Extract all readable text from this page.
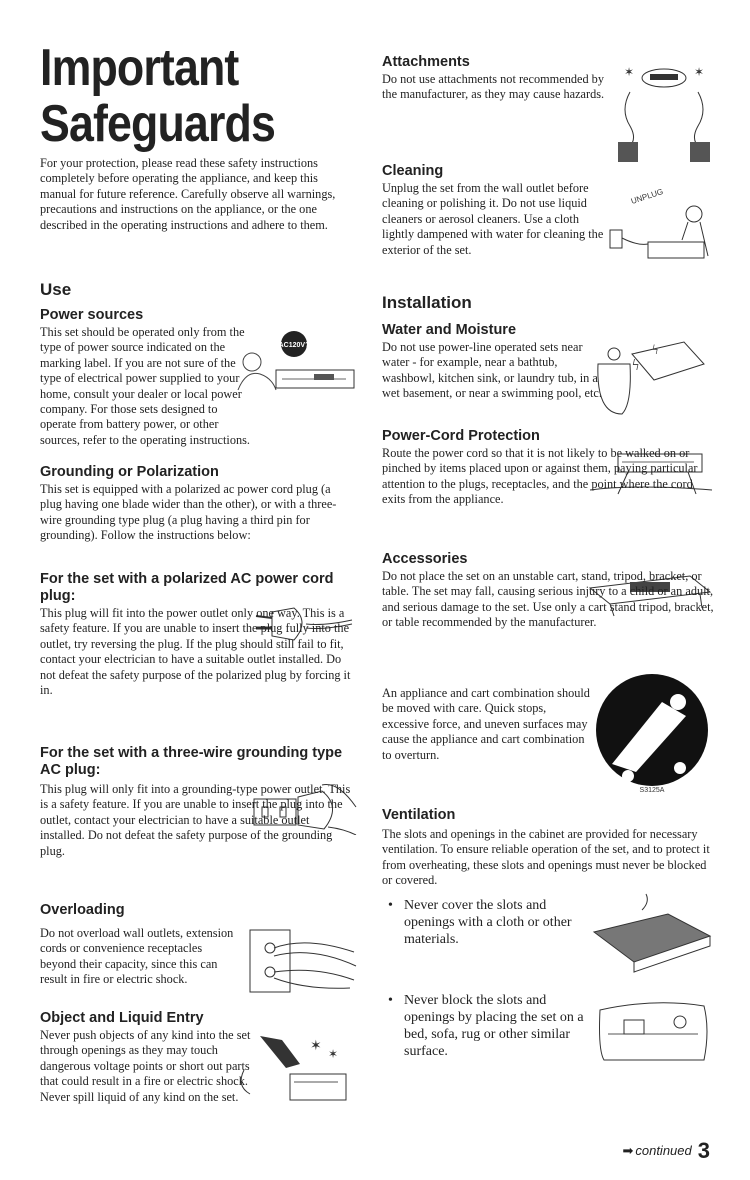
Important
Safeguards

For your protection, please read these safety instructions completely before operating the appliance, and keep this manual for future reference. Carefully observe all warnings, precautions and instructions on the appliance, or the one described in the operating instructions and adhere to them.

Use
Power sources
AC120V?

This set should be operated only from the type of power source indicated on the marking label. If you are not sure of the type of electrical power supplied to your home, consult your dealer or local power company. For those sets designed to operate from battery power, or other sources, refer to the operating instructions.

Grounding or Polarization

This set is equipped with a polarized ac power cord plug (a plug having one blade wider than the other), or with a three-wire grounding type plug (a plug having a third pin for grounding). Follow the instructions below:

For the set with a polarized AC power cord plug:

This plug will fit into the power outlet only one way. This is a safety feature. If you are unable to insert the plug fully into the outlet, try reversing the plug. If the plug should still fail to fit, contact your electrician to have a suitable outlet installed. Do not defeat the safety purpose of the polarized plug by forcing it in.

For the set with a three-wire grounding type AC plug:

This plug will only fit into a grounding-type power outlet. This is a safety feature. If you are unable to insert the plug into the outlet, contact your electrician to have a suitable outlet installed. Do not defeat the safety purpose of the grounding plug.

Overloading

Do not overload wall outlets, extension cords or convenience receptacles beyond their capacity, since this can result in fire or electric shock.

Object and Liquid Entry
✶ ✶

Never push objects of any kind into the set through openings as they may touch dangerous voltage points or short out parts that could result in a fire or electric shock. Never spill liquid of any kind on the set.

Attachments
✶	✶

Do not use attachments not recommended by the manufacturer, as they may cause hazards.

Cleaning
UNPLUG

Unplug the set from the wall outlet before cleaning or polishing it. Do not use liquid cleaners or aerosol cleaners. Use a cloth lightly dampened with water for cleaning the exterior of the set.

Installation
Water and Moisture
ϟ
ϟ

Do not use power-line operated sets near water - for example, near a bathtub, washbowl, kitchen sink, or laundry tub, in a wet basement, or near a swimming pool, etc.

Power-Cord Protection

Route the power cord so that it is not likely to be walked on or pinched by items placed upon or against them, paying particular attention to the plugs, receptacles, and the point where the cord exits from the appliance.

Accessories

Do not place the set on an unstable cart, stand, tripod, bracket, or table. The set may fall, causing serious injury to a child or an adult, and serious damage to the set. Use only a cart stand tripod, bracket, or table recommended by the manufacturer.

S3125A

An appliance and cart combination should be moved with care. Quick stops, excessive force, and uneven surfaces may cause the appliance and cart combination to overturn.

Ventilation

The slots and openings in the cabinet are provided for necessary ventilation. To ensure reliable operation of the set, and to protect it from overheating, these slots and openings must never be blocked or covered.

• Never cover the slots and openings with a cloth or other materials.
• Never block the slots and openings by placing the set on a bed, sofa, rug or other similar surface.
➡ continued 3
